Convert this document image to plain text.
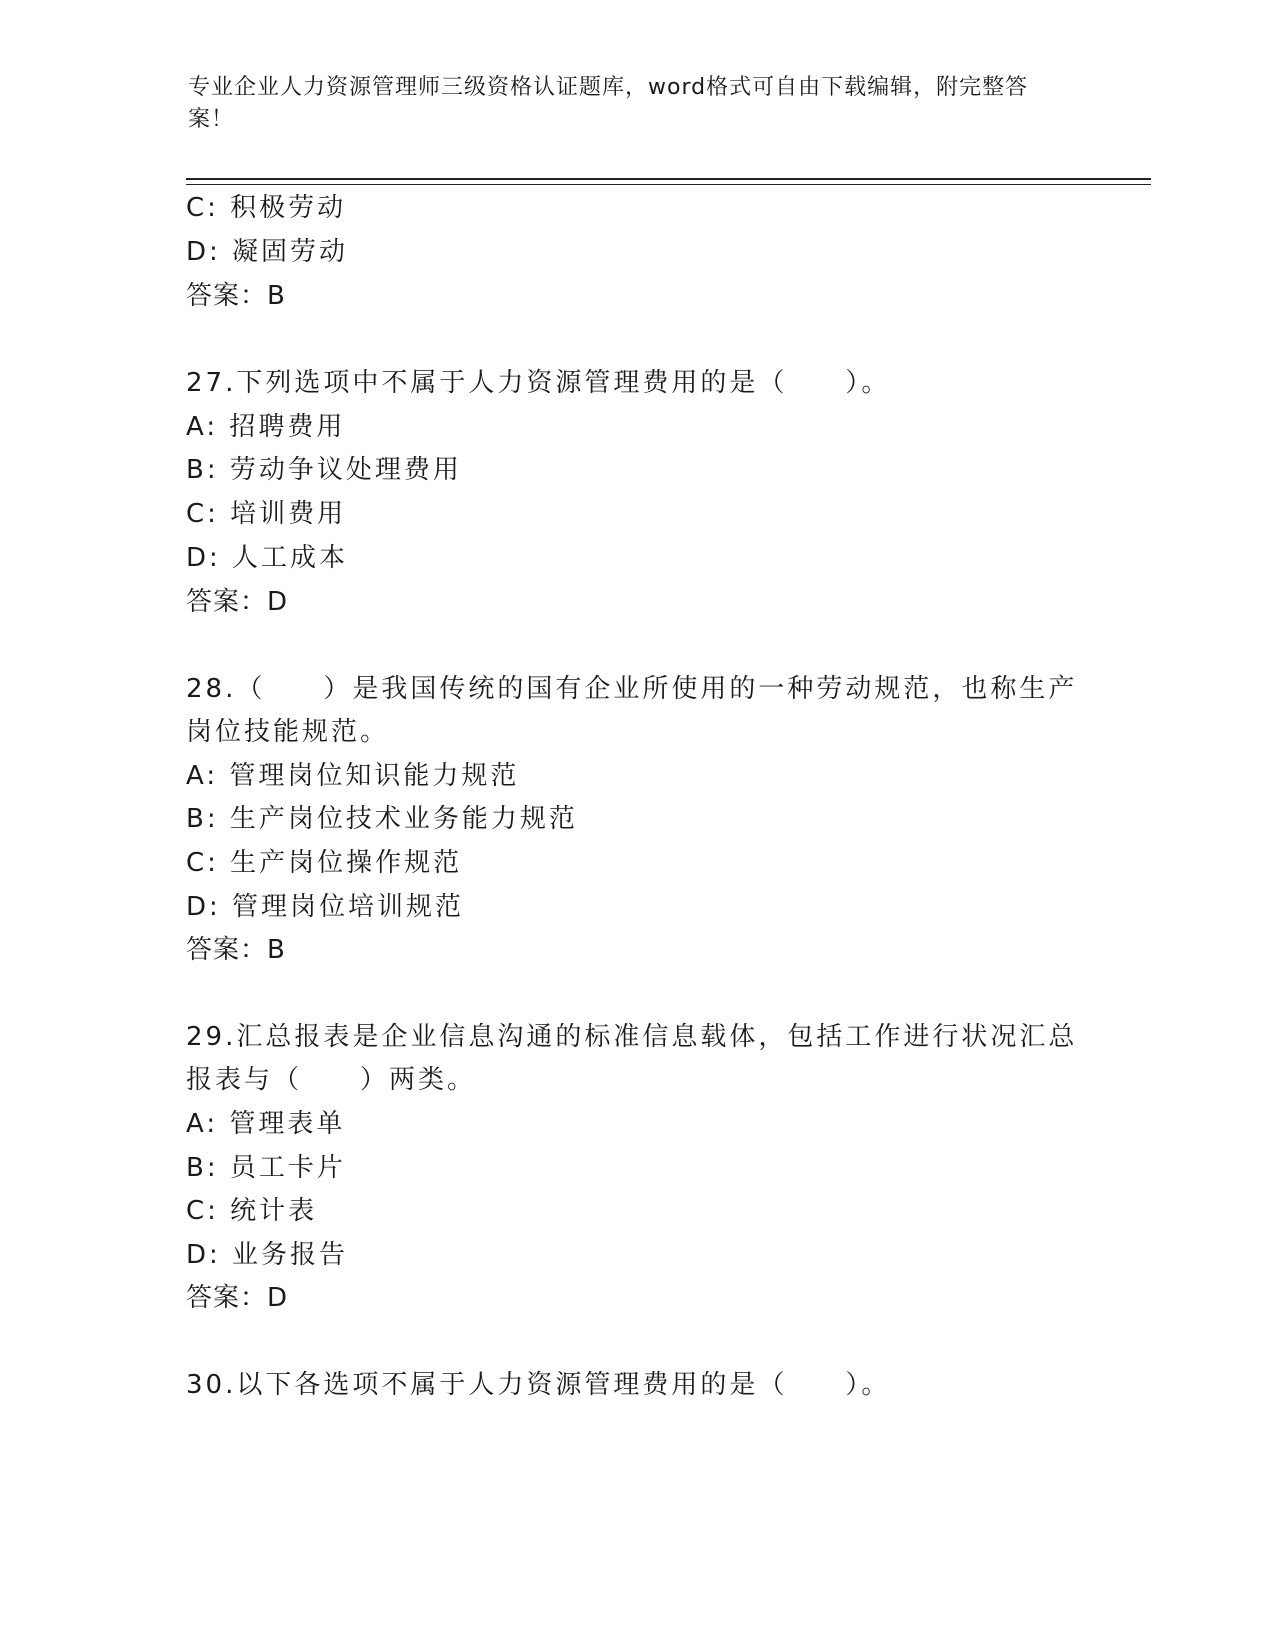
专业企业人力资源管理师三级资格认证题库，word格式可自由下载编辑，附完整答案！
C: 积极劳动
D: 凝固劳动
答案：B
27.下列选项中不属于人力资源管理费用的是（　　）。
A: 招聘费用
B: 劳动争议处理费用
C: 培训费用
D: 人工成本
答案：D
28.（　　）是我国传统的国有企业所使用的一种劳动规范，也称生产
岗位技能规范。
A: 管理岗位知识能力规范
B: 生产岗位技术业务能力规范
C: 生产岗位操作规范
D: 管理岗位培训规范
答案：B
29.汇总报表是企业信息沟通的标准信息载体，包括工作进行状况汇总
报表与（　　）两类。
A: 管理表单
B: 员工卡片
C: 统计表
D: 业务报告
答案：D
30.以下各选项不属于人力资源管理费用的是（　　）。
